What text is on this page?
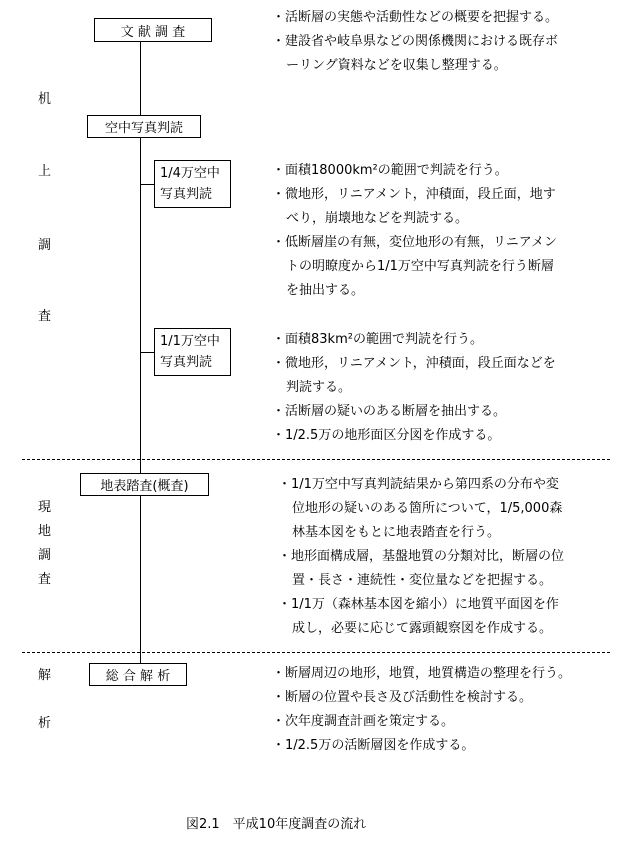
机
上
調
査
現
地
調
査
解
析
文 献 調 査
空中写真判読
1/4万空中
写真判読
1/1万空中
写真判読
地表踏査(概査)
総 合 解 析
・活断層の実態や活動性などの概要を把握する。
・建設省や岐阜県などの関係機関における既存ボ
ーリング資料などを収集し整理する。
・面積18000km²の範囲で判読を行う。
・微地形，リニアメント，沖積面，段丘面，地す
べり，崩壊地などを判読する。
・低断層崖の有無，変位地形の有無，リニアメン
トの明瞭度から1/1万空中写真判読を行う断層
を抽出する。
・面積83km²の範囲で判読を行う。
・微地形，リニアメント，沖積面，段丘面などを
判読する。
・活断層の疑いのある断層を抽出する。
・1/2.5万の地形面区分図を作成する。
・1/1万空中写真判読結果から第四系の分布や変
位地形の疑いのある箇所について，1/5,000森
林基本図をもとに地表踏査を行う。
・地形面構成層，基盤地質の分類対比，断層の位
置・長さ・連続性・変位量などを把握する。
・1/1万（森林基本図を縮小）に地質平面図を作
成し，必要に応じて露頭観察図を作成する。
・断層周辺の地形，地質，地質構造の整理を行う。
・断層の位置や長さ及び活動性を検討する。
・次年度調査計画を策定する。
・1/2.5万の活断層図を作成する。
図2.1　平成10年度調査の流れ
